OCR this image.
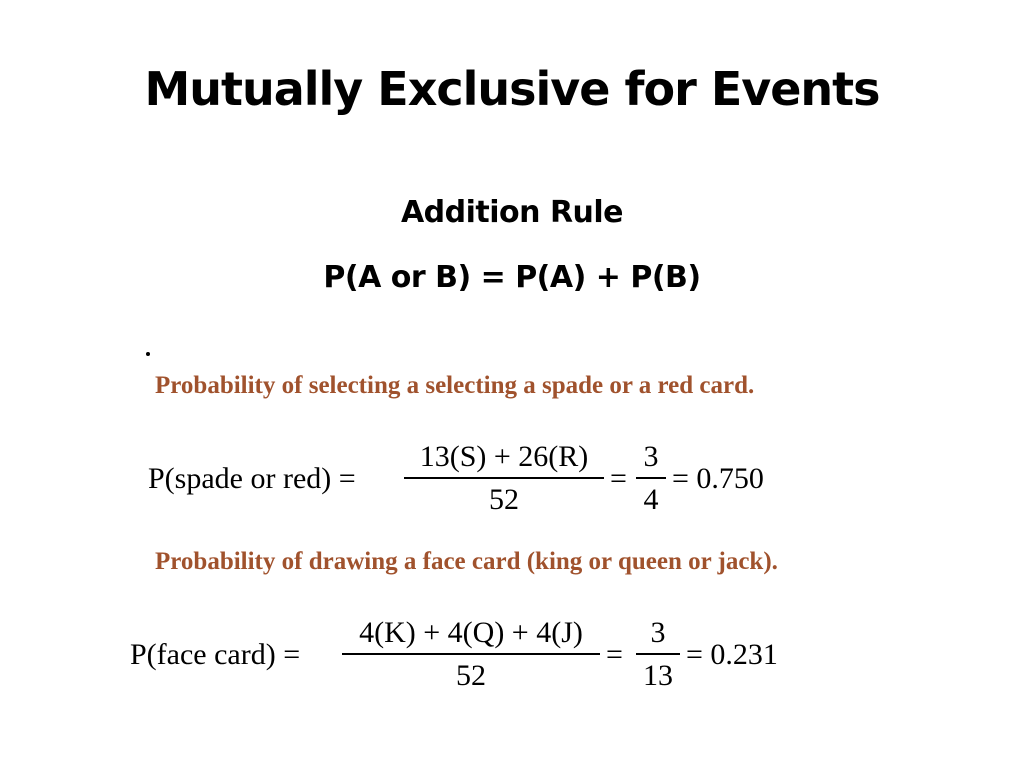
Mutually Exclusive for Events
Addition Rule
P(A or B) = P(A) + P(B)
Probability of selecting a selecting a spade or a red card.
P(spade or red) =
13(S) + 26(R)
52
=
3
4
= 0.750
Probability of drawing a face card (king or queen or jack).
P(face card) =
4(K) + 4(Q) + 4(J)
52
=
3
13
= 0.231
